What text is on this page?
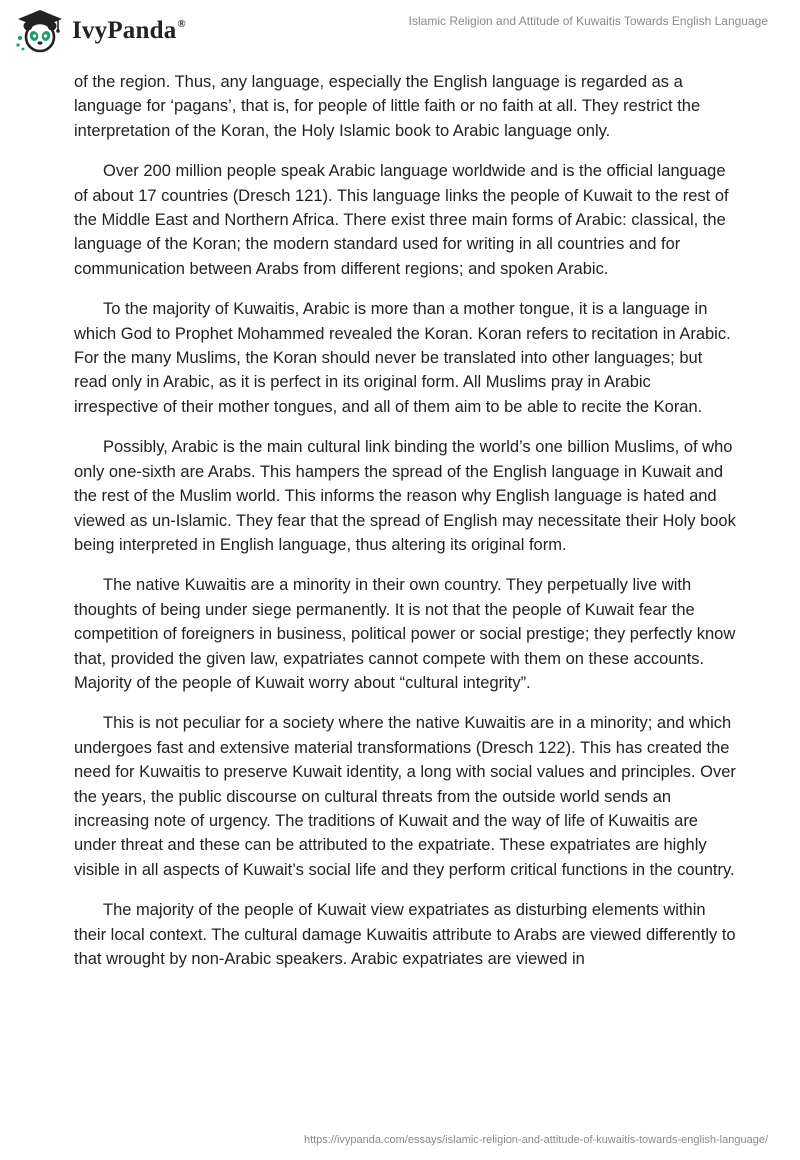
IvyPanda®	Islamic Religion and Attitude of Kuwaitis Towards English Language

of the region. Thus, any language, especially the English language is regarded as a language for ‘pagans’, that is, for people of little faith or no faith at all. They restrict the interpretation of the Koran, the Holy Islamic book to Arabic language only.

Over 200 million people speak Arabic language worldwide and is the official language of about 17 countries (Dresch 121). This language links the people of Kuwait to the rest of the Middle East and Northern Africa. There exist three main forms of Arabic: classical, the language of the Koran; the modern standard used for writing in all countries and for communication between Arabs from different regions; and spoken Arabic.

To the majority of Kuwaitis, Arabic is more than a mother tongue, it is a language in which God to Prophet Mohammed revealed the Koran. Koran refers to recitation in Arabic. For the many Muslims, the Koran should never be translated into other languages; but read only in Arabic, as it is perfect in its original form. All Muslims pray in Arabic irrespective of their mother tongues, and all of them aim to be able to recite the Koran.

Possibly, Arabic is the main cultural link binding the world’s one billion Muslims, of who only one-sixth are Arabs. This hampers the spread of the English language in Kuwait and the rest of the Muslim world. This informs the reason why English language is hated and viewed as un-Islamic. They fear that the spread of English may necessitate their Holy book being interpreted in English language, thus altering its original form.

The native Kuwaitis are a minority in their own country. They perpetually live with thoughts of being under siege permanently. It is not that the people of Kuwait fear the competition of foreigners in business, political power or social prestige; they perfectly know that, provided the given law, expatriates cannot compete with them on these accounts. Majority of the people of Kuwait worry about “cultural integrity”.

This is not peculiar for a society where the native Kuwaitis are in a minority; and which undergoes fast and extensive material transformations (Dresch 122). This has created the need for Kuwaitis to preserve Kuwait identity, a long with social values and principles. Over the years, the public discourse on cultural threats from the outside world sends an increasing note of urgency. The traditions of Kuwait and the way of life of Kuwaitis are under threat and these can be attributed to the expatriate. These expatriates are highly visible in all aspects of Kuwait’s social life and they perform critical functions in the country.

The majority of the people of Kuwait view expatriates as disturbing elements within their local context. The cultural damage Kuwaitis attribute to Arabs are viewed differently to that wrought by non-Arabic speakers. Arabic expatriates are viewed in

https://ivypanda.com/essays/islamic-religion-and-attitude-of-kuwaitis-towards-english-language/
